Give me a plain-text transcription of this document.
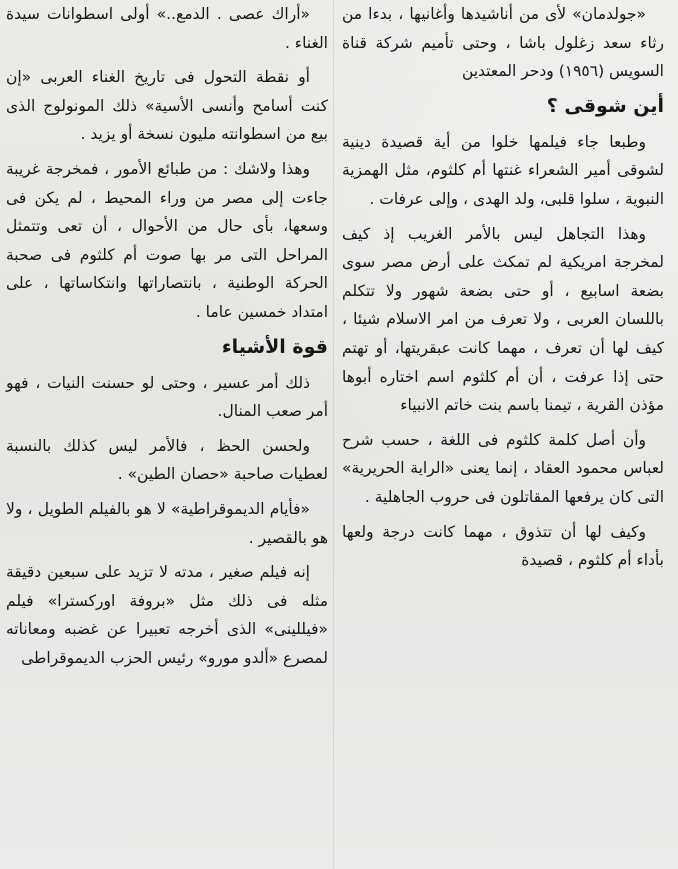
«جولدمان» لأى من أناشيدها وأغانيها ، بدءا من رثاء سعد زغلول باشا ، وحتى تأميم شركة قناة السويس (١٩٥٦) ودحر المعتدين

أين شوقى ؟

وطبعا جاء فيلمها خلوا من أية قصيدة دينية لشوقى أمير الشعراء غنتها أم كلثوم، مثل الهمزية النبوية ، سلوا قلبى، ولد الهدى ، وإلى عرفات .

وهذا التجاهل ليس بالأمر الغريب إذ كيف لمخرجة امريكية لم تمكث على أرض مصر سوى بضعة اسابيع ، أو حتى بضعة شهور ولا تتكلم باللسان العربى ، ولا تعرف من امر الاسلام شيئا ، كيف لها أن تعرف ، مهما كانت عبقريتها، أو تهتم حتى إذا عرفت ، أن أم كلثوم اسم اختاره أبوها مؤذن القرية ، تيمنا باسم بنت خاتم الانبياء

وأن أصل كلمة كلثوم فى اللغة ، حسب شرح لعباس محمود العقاد ، إنما يعنى «الراية الحريرية» التى كان يرفعها المقاتلون فى حروب الجاهلية .

وكيف لها أن تتذوق ، مهما كانت درجة ولعها بأداء أم كلثوم ، قصيدة

«أراك عصى . الدمع..» أولى اسطوانات سيدة الغناء .

أو نقطة التحول فى تاريخ الغناء العربى «إن كنت أسامح وأنسى الأسية» ذلك المونولوج الذى بيع من اسطوانته مليون نسخة أو يزيد .

وهذا ولاشك : من طبائع الأمور ، فمخرجة غريبة جاءت إلى مصر من وراء المحيط ، لم يكن فى وسعها، بأى حال من الأحوال ، أن تعى وتتمثل المراحل التى مر بها صوت أم كلثوم فى صحبة الحركة الوطنية ، بانتصاراتها وانتكاساتها ، على امتداد خمسين عاما .

قوة الأشياء

ذلك أمر عسير ، وحتى لو حسنت النيات ، فهو أمر صعب المنال.

ولحسن الحظ ، فالأمر ليس كذلك بالنسبة لعطيات صاحبة «حصان الطين» .

«فأيام الديموقراطية» لا هو بالفيلم الطويل ، ولا هو بالقصير .

إنه فيلم صغير ، مدته لا تزيد على سبعين دقيقة مثله فى ذلك مثل «بروفة اوركسترا» فيلم «فيللينى» الذى أخرجه تعبيرا عن غضبه ومعاناته لمصرع «ألدو مورو» رئيس الحزب الديموقراطى
